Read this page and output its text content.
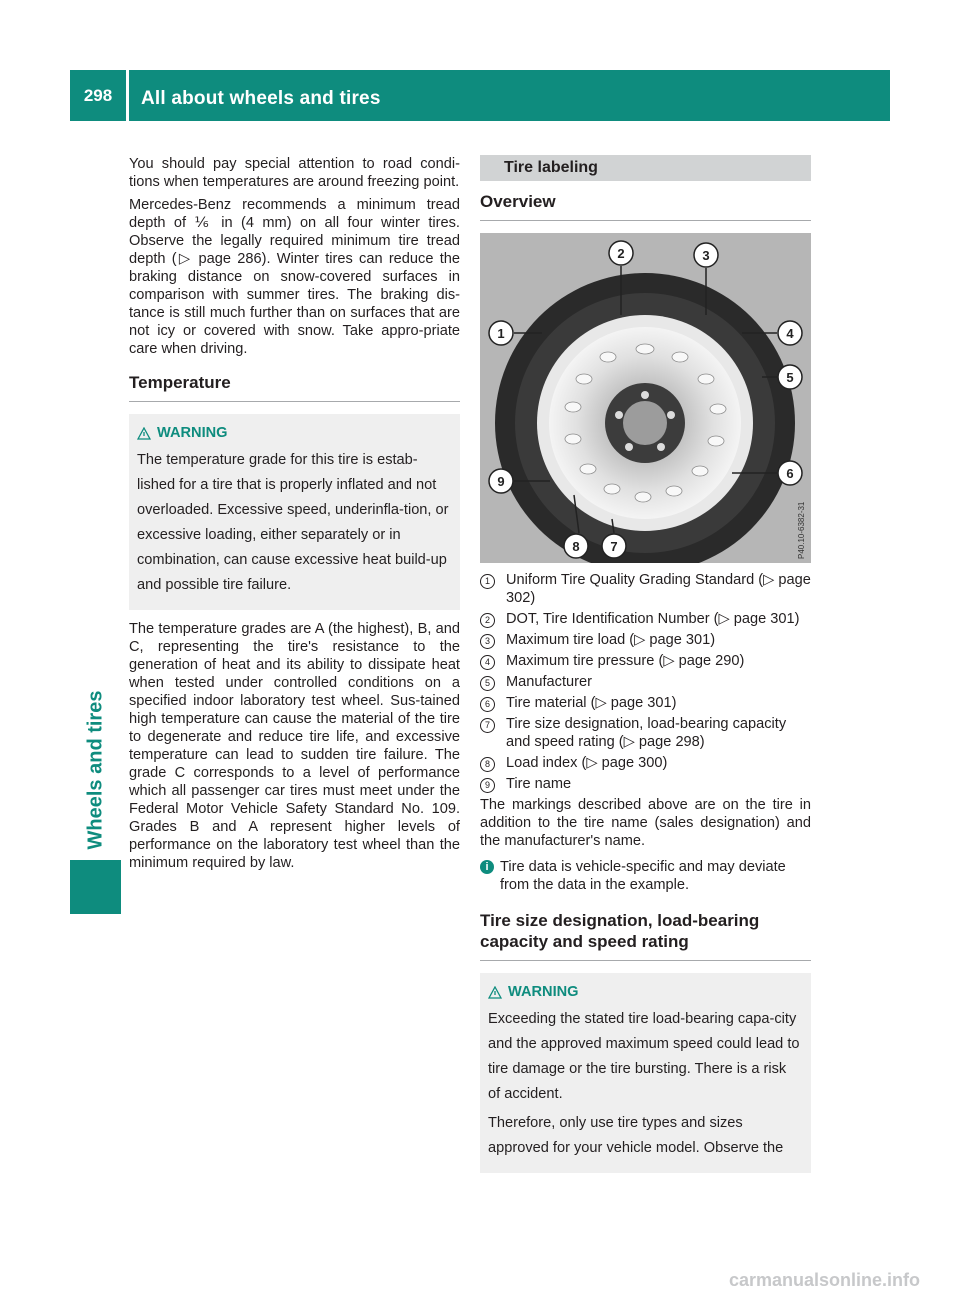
298	All about wheels and tires
Wheels and tires

You should pay special attention to road condi-tions when temperatures are around freezing point.

Mercedes-Benz recommends a minimum tread depth of ⅙ in (4 mm) on all four winter tires. Observe the legally required minimum tire tread depth (▷ page 286). Winter tires can reduce the braking distance on snow-covered surfaces in comparison with summer tires. The braking dis-tance is still much further than on surfaces that are not icy or covered with snow. Take appro-priate care when driving.

Temperature
WARNING

The temperature grade for this tire is estab-lished for a tire that is properly inflated and not overloaded. Excessive speed, underinfla-tion, or excessive loading, either separately or in combination, can cause excessive heat build-up and possible tire failure.

The temperature grades are A (the highest), B, and C, representing the tire's resistance to the generation of heat and its ability to dissipate heat when tested under controlled conditions on a specified indoor laboratory test wheel. Sus-tained high temperature can cause the material of the tire to degenerate and reduce tire life, and excessive temperature can lead to sudden tire failure. The grade C corresponds to a level of performance which all passenger car tires must meet under the Federal Motor Vehicle Safety Standard No. 109. Grades B and A represent higher levels of performance on the laboratory test wheel than the minimum required by law.

Tire labeling
Overview
1
2	3
4
5
6
9
8 7	P40.10-6382-31
1	Uniform Tire Quality Grading Standard (▷ page 302)
2	DOT, Tire Identification Number (▷ page 301)
3	Maximum tire load (▷ page 301)
4	Maximum tire pressure (▷ page 290)
5	Manufacturer
6	Tire material (▷ page 301)
7	Tire size designation, load-bearing capacity and speed rating (▷ page 298)
8	Load index (▷ page 300)
9	Tire name

The markings described above are on the tire in addition to the tire name (sales designation) and the manufacturer's name.

i Tire data is vehicle-specific and may deviate from the data in the example.
Tire size designation, load-bearing capacity and speed rating
WARNING

Exceeding the stated tire load-bearing capa-city and the approved maximum speed could lead to tire damage or the tire bursting. There is a risk of accident.

Therefore, only use tire types and sizes approved for your vehicle model. Observe the

carmanualsonline.info
